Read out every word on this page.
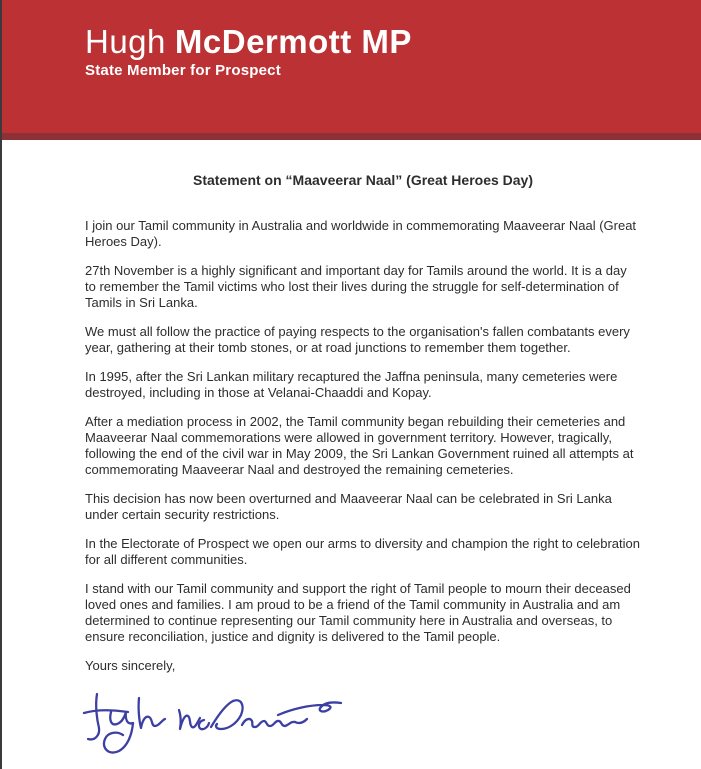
Hugh McDermott MP
State Member for Prospect
Statement on “Maaveerar Naal” (Great Heroes Day)

I join our Tamil community in Australia and worldwide in commemorating Maaveerar Naal (Great Heroes Day).

27th November is a highly significant and important day for Tamils around the world. It is a day to remember the Tamil victims who lost their lives during the struggle for self-determination of Tamils in Sri Lanka.

We must all follow the practice of paying respects to the organisation's fallen combatants every year, gathering at their tomb stones, or at road junctions to remember them together.

In 1995, after the Sri Lankan military recaptured the Jaffna peninsula, many cemeteries were destroyed, including in those at Velanai-Chaaddi and Kopay.

After a mediation process in 2002, the Tamil community began rebuilding their cemeteries and Maaveerar Naal commemorations were allowed in government territory. However, tragically, following the end of the civil war in May 2009, the Sri Lankan Government ruined all attempts at commemorating Maaveerar Naal and destroyed the remaining cemeteries.

This decision has now been overturned and Maaveerar Naal can be celebrated in Sri Lanka under certain security restrictions.

In the Electorate of Prospect we open our arms to diversity and champion the right to celebration for all different communities.

I stand with our Tamil community and support the right of Tamil people to mourn their deceased loved ones and families. I am proud to be a friend of the Tamil community in Australia and am determined to continue representing our Tamil community here in Australia and overseas, to ensure reconciliation, justice and dignity is delivered to the Tamil people.

Yours sincerely,
